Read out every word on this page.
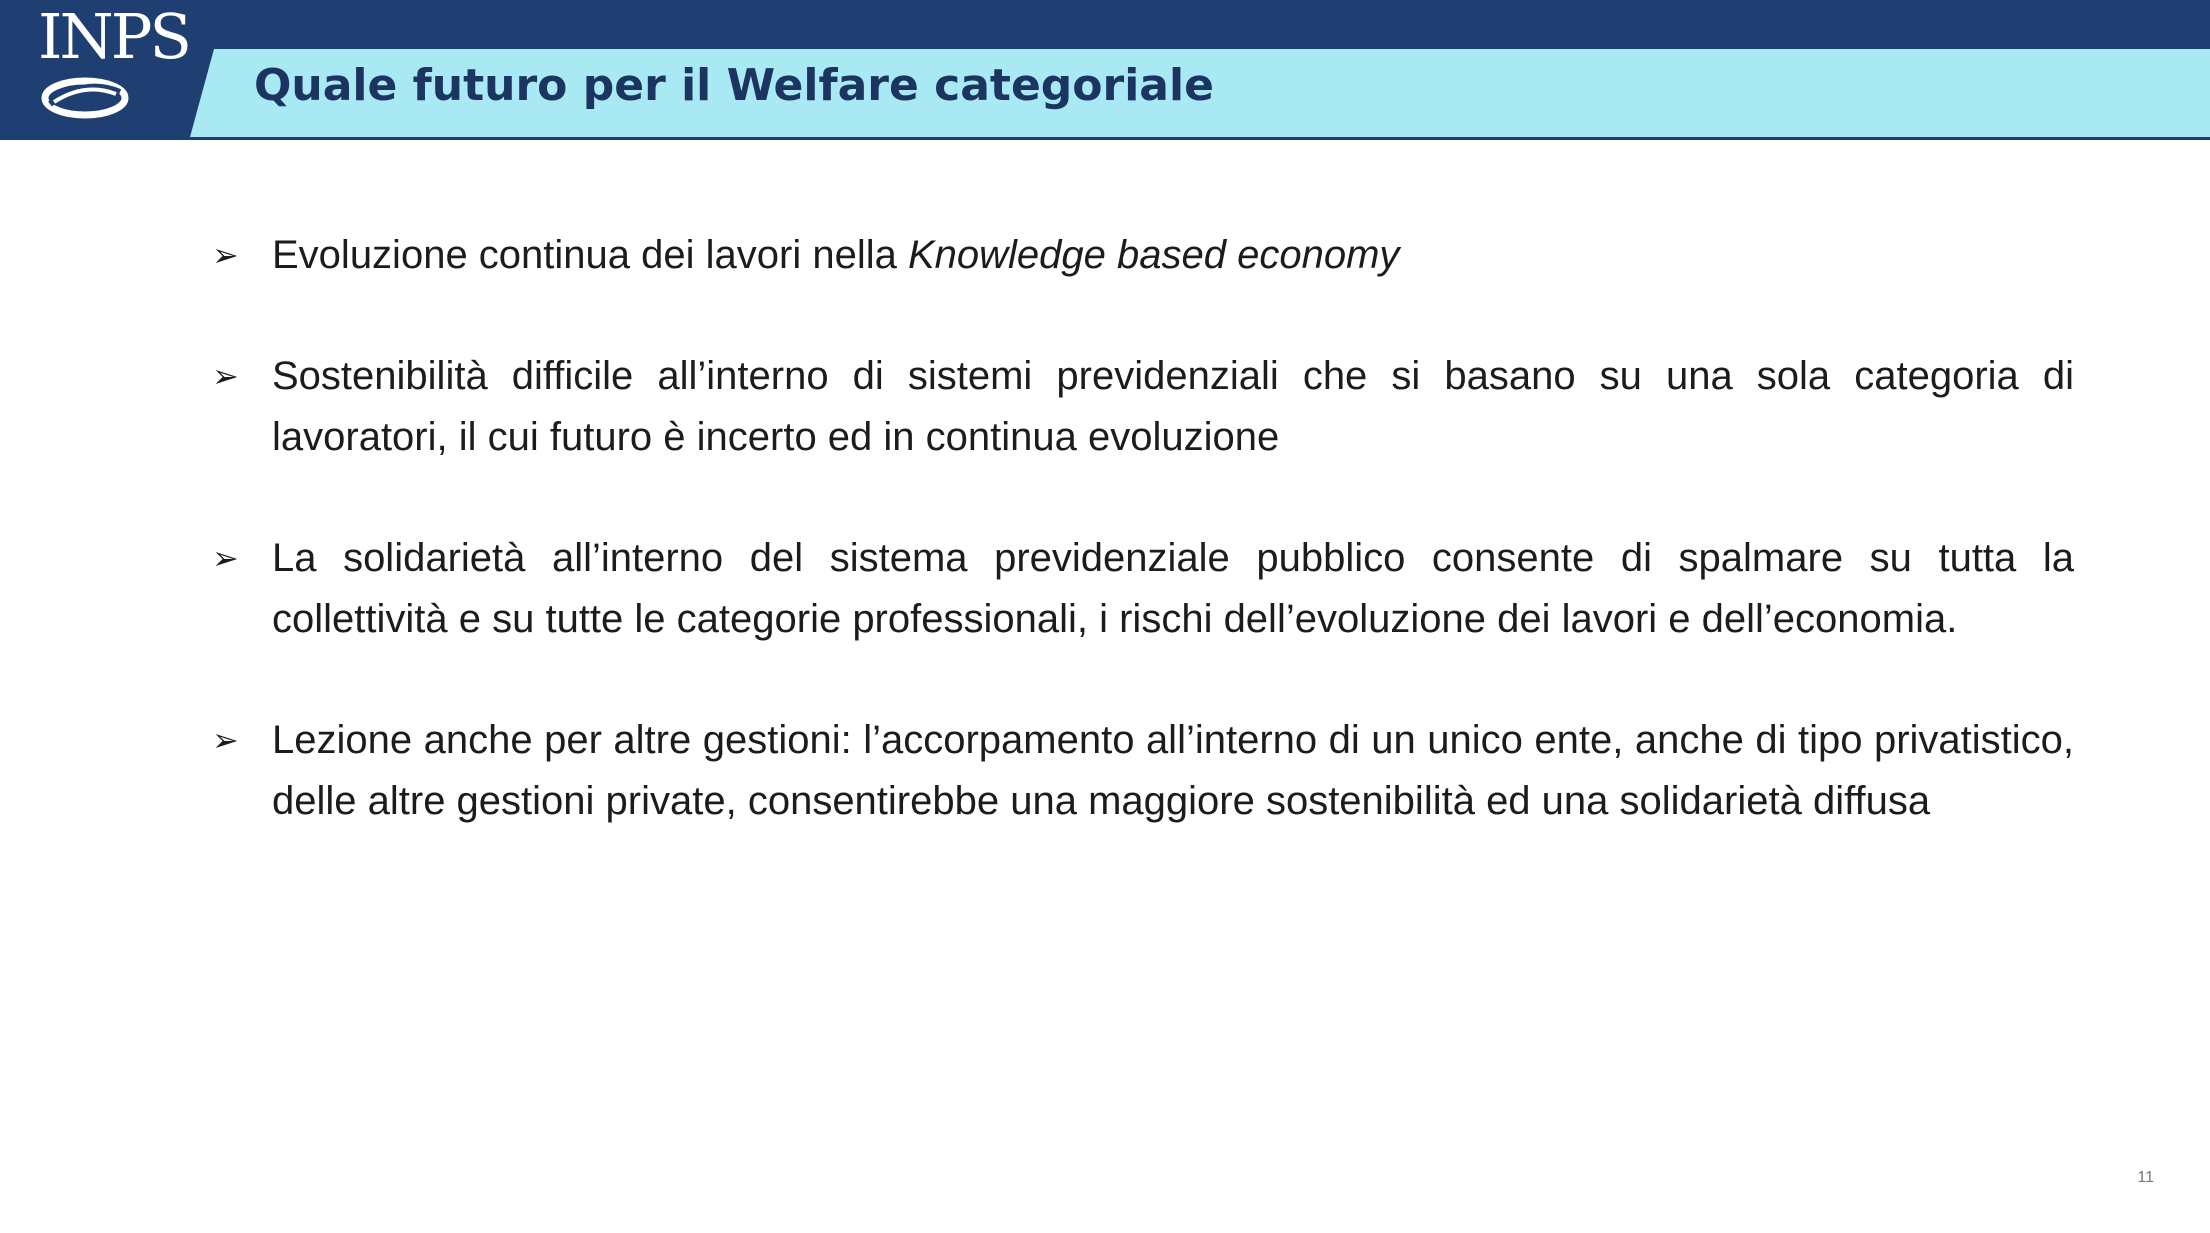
INPS
Quale futuro per il Welfare categoriale
➢ Evoluzione continua dei lavori nella Knowledge based economy
➢ Sostenibilità difficile all’interno di sistemi previdenziali che si basano su una sola categoria di lavoratori, il cui futuro è incerto ed in continua evoluzione
➢ La solidarietà all’interno del sistema previdenziale pubblico consente di spalmare su tutta la collettività e su tutte le categorie professionali, i rischi dell’evoluzione dei lavori e dell’economia.
➢ Lezione anche per altre gestioni: l’accorpamento all’interno di un unico ente, anche di tipo privatistico, delle altre gestioni private, consentirebbe una maggiore sostenibilità ed una solidarietà diffusa
11
